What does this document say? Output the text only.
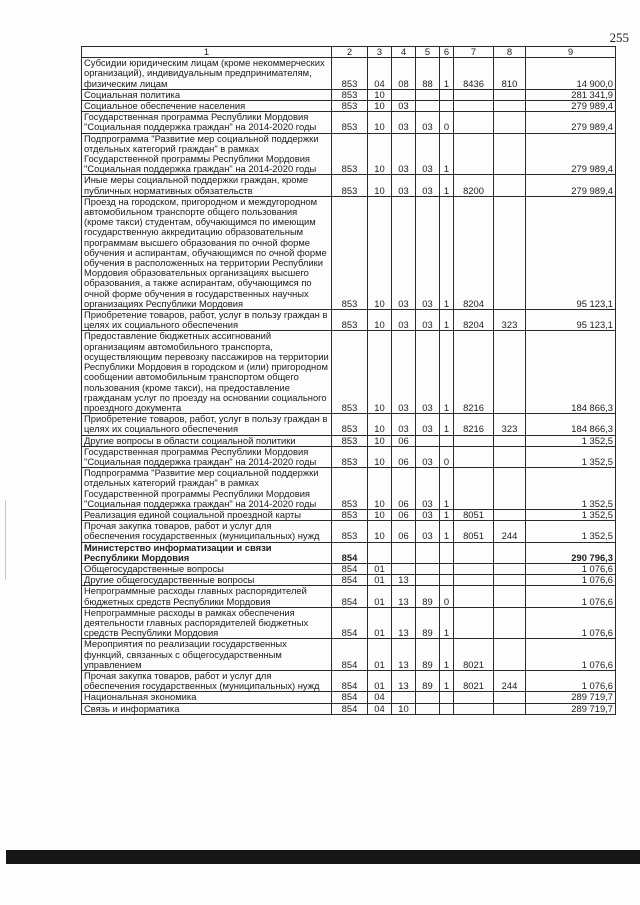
255
1	2	3	4	5	6	7	8	9
Субсидии юридическим лицам (кроме некоммерческих организаций), индивидуальным предпринимателям, физическим лицам	853	04	08	88	1	8436	810	14 900,0
Социальная политика	853	10						281 341,9
Социальное обеспечение населения	853	10	03					279 989,4
Государственная программа Республики Мордовия "Социальная поддержка граждан" на 2014-2020 годы	853	10	03	03	0			279 989,4
Подпрограмма "Развитие мер социальной поддержки отдельных категорий граждан" в рамках Государственной программы Республики Мордовия "Социальная поддержка граждан" на 2014-2020 годы	853	10	03	03	1			279 989,4
Иные меры социальной поддержки граждан, кроме публичных нормативных обязательств	853	10	03	03	1	8200		279 989,4
Проезд на городском, пригородном и междугородном автомобильном транспорте общего пользования (кроме такси) студентам, обучающимся по имеющим государственную аккредитацию образовательным программам высшего образования по очной форме обучения и аспирантам, обучающимся по очной форме обучения в расположенных на территории Республики Мордовия образовательных организациях высшего образования, а также аспирантам, обучающимся по очной форме обучения в государственных научных организациях Республики Мордовия	853	10	03	03	1	8204		95 123,1
Приобретение товаров, работ, услуг в пользу граждан в целях их социального обеспечения	853	10	03	03	1	8204	323	95 123,1
Предоставление бюджетных ассигнований организациям автомобильного транспорта, осуществляющим перевозку пассажиров на территории Республики Мордовия в городском и (или) пригородном сообщении автомобильным транспортом общего пользования (кроме такси), на предоставление гражданам услуг по проезду на основании социального проездного документа	853	10	03	03	1	8216		184 866,3
Приобретение товаров, работ, услуг в пользу граждан в целях их социального обеспечения	853	10	03	03	1	8216	323	184 866,3
Другие вопросы в области социальной политики	853	10	06					1 352,5
Государственная программа Республики Мордовия "Социальная поддержка граждан" на 2014-2020 годы	853	10	06	03	0			1 352,5
Подпрограмма "Развитие мер социальной поддержки отдельных категорий граждан" в рамках Государственной программы Республики Мордовия "Социальная поддержка граждан" на 2014-2020 годы	853	10	06	03	1			1 352,5
Реализация единой социальной проездной карты	853	10	06	03	1	8051		1 352,5
Прочая закупка товаров, работ и услуг для обеспечения государственных (муниципальных) нужд	853	10	06	03	1	8051	244	1 352,5
Министерство информатизации и связи Республики Мордовия	854							290 796,3
Общегосударственные вопросы	854	01						1 076,6
Другие общегосударственные вопросы	854	01	13					1 076,6
Непрограммные расходы главных распорядителей бюджетных средств Республики Мордовия	854	01	13	89	0			1 076,6
Непрограммные расходы в рамках обеспечения деятельности главных распорядителей бюджетных средств Республики Мордовия	854	01	13	89	1			1 076,6
Мероприятия по реализации государственных функций, связанных с общегосударственным управлением	854	01	13	89	1	8021		1 076,6
Прочая закупка товаров, работ и услуг для обеспечения государственных (муниципальных) нужд	854	01	13	89	1	8021	244	1 076,6
Национальная экономика	854	04						289 719,7
Связь и информатика	854	04	10					289 719,7
